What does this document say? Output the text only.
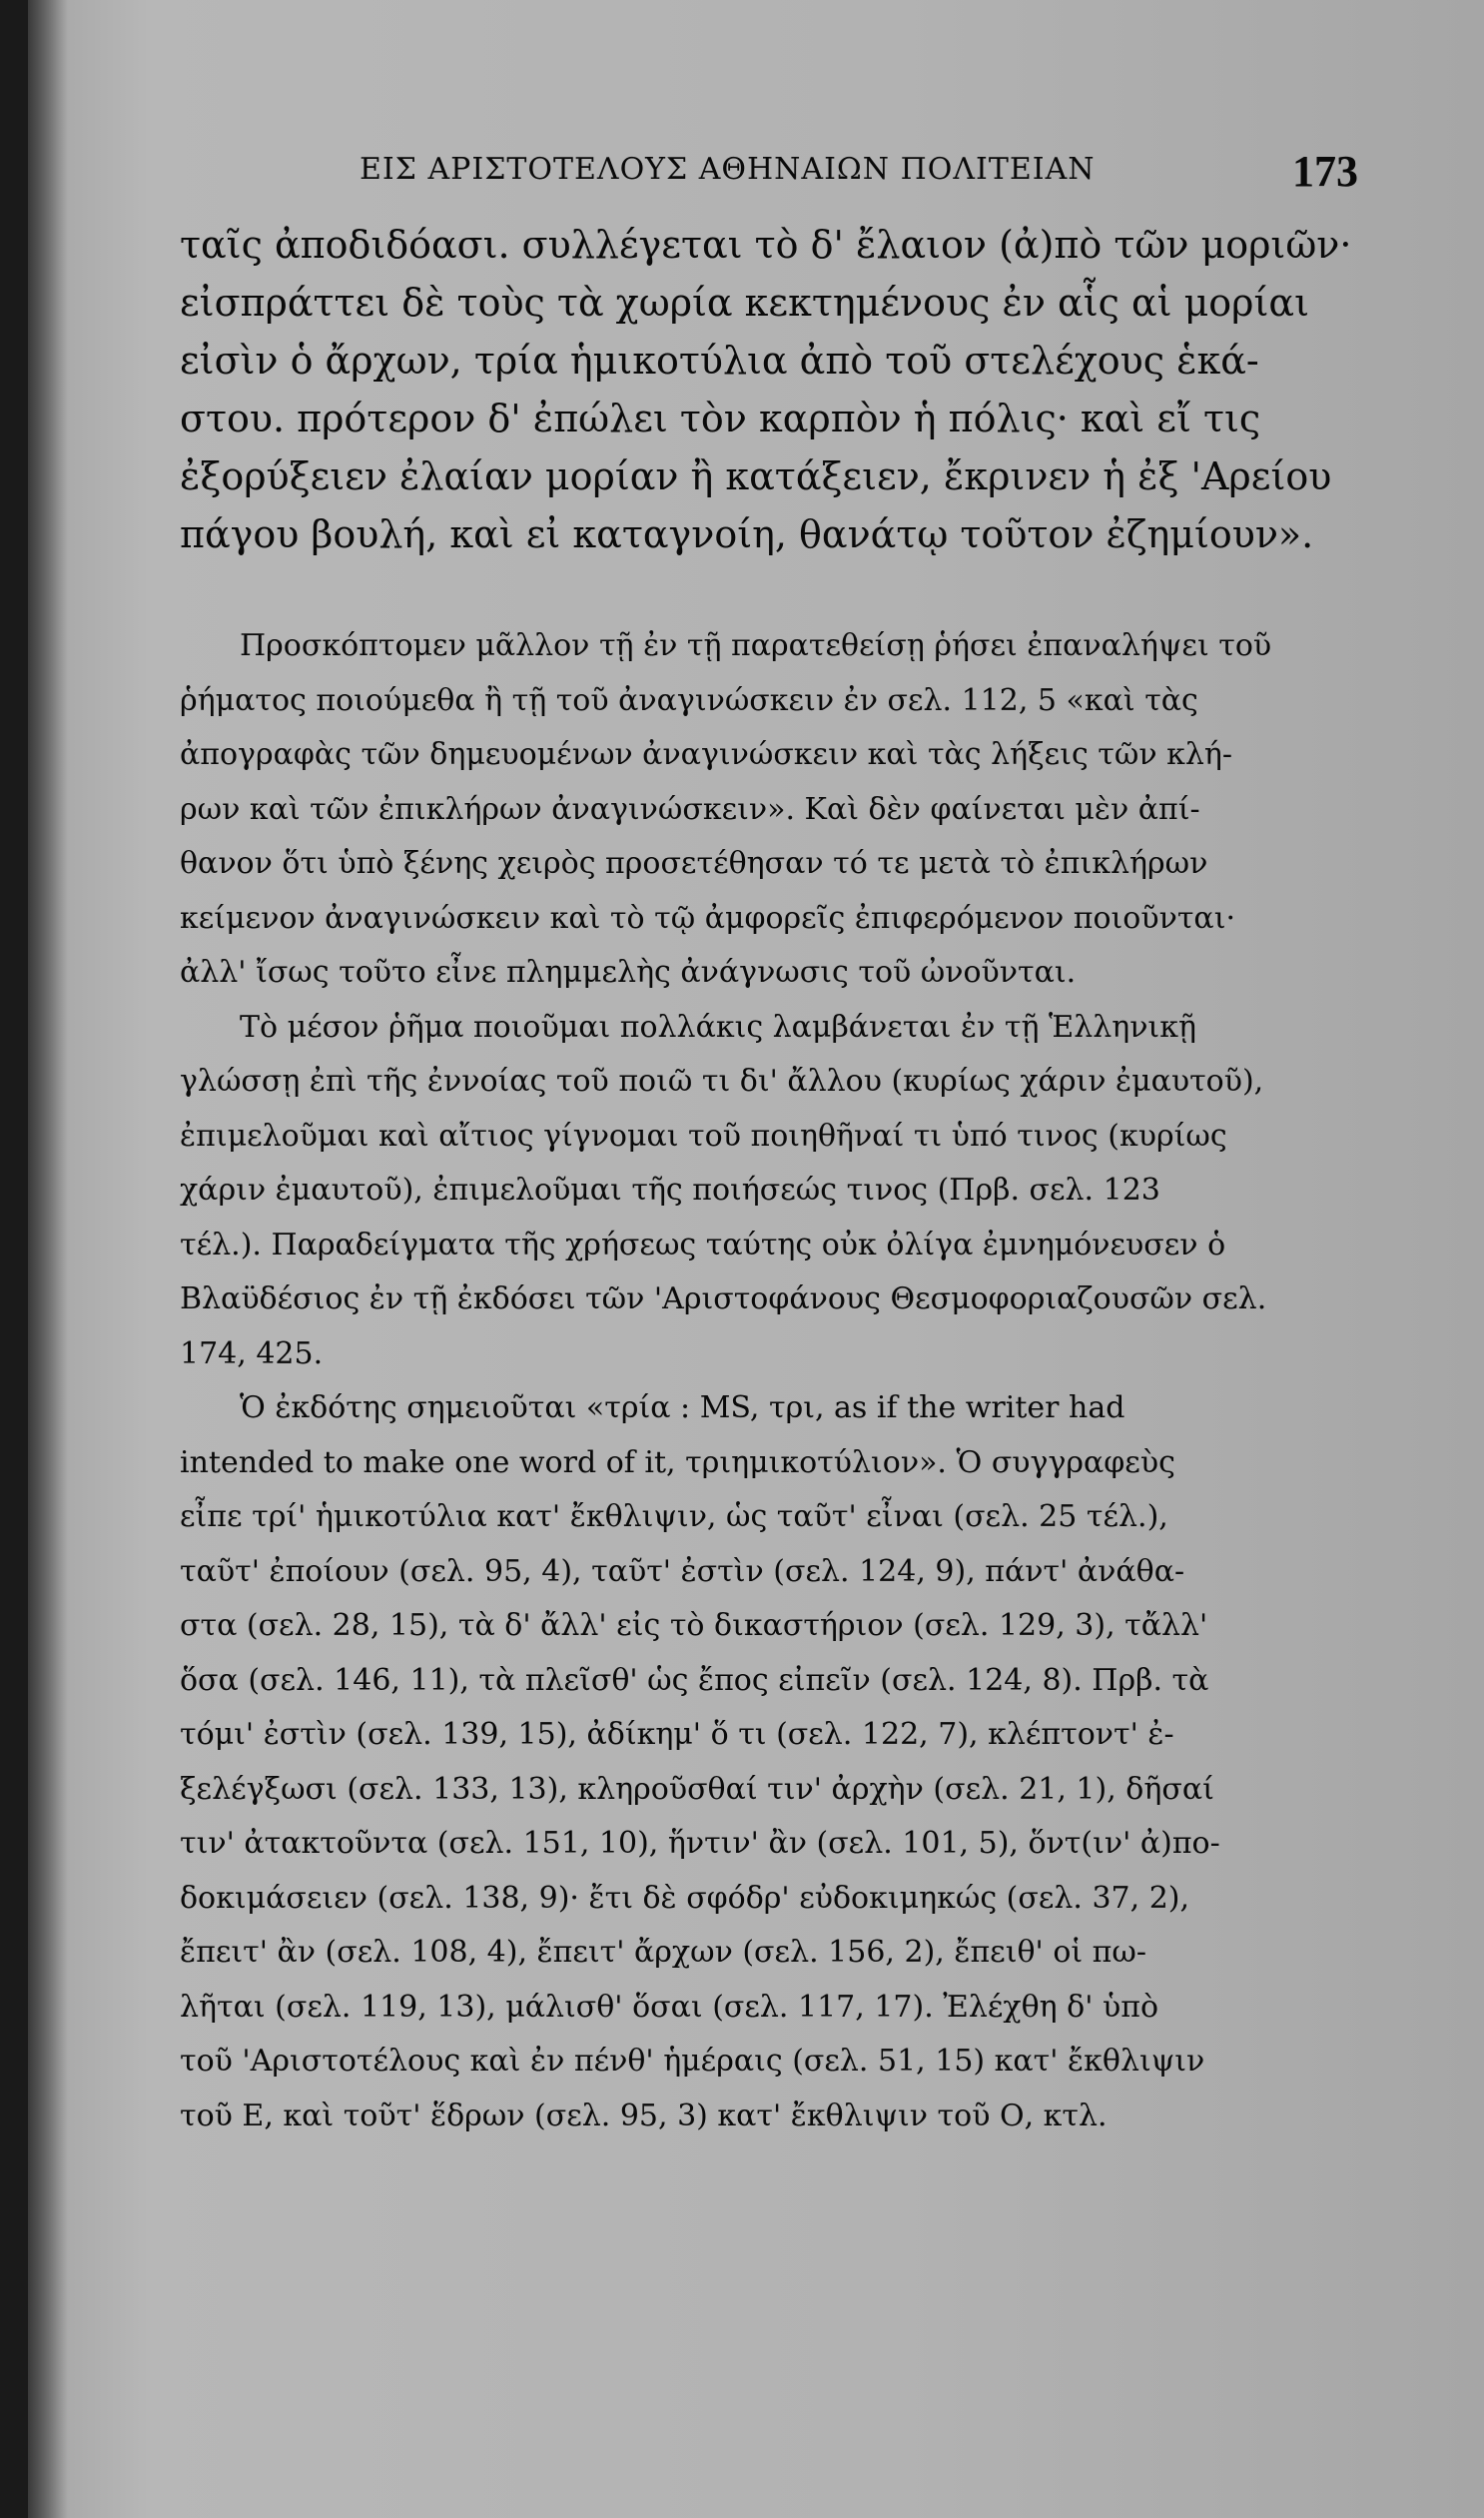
ΕΙΣ ΑΡΙΣΤΟΤΕΛΟΥΣ ΑΘΗΝΑΙΩΝ ΠΟΛΙΤΕΙΑΝ	173
ταῖς ἀποδιδόασι. συλλέγεται τὸ δ' ἔλαιον (ἀ)πὸ τῶν μοριῶν·
εἰσπράττει δὲ τοὺς τὰ χωρία κεκτημένους ἐν αἷς αἱ μορίαι
εἰσὶν ὁ ἄρχων, τρία ἡμικοτύλια ἀπὸ τοῦ στελέχους ἑκά-
στου. πρότερον δ' ἐπώλει τὸν καρπὸν ἡ πόλις· καὶ εἴ τις
ἐξορύξειεν ἐλαίαν μορίαν ἢ κατάξειεν, ἔκρινεν ἡ ἐξ 'Αρείου
πάγου βουλή, καὶ εἰ καταγνοίη, θανάτῳ τοῦτον ἐζημίουν».
Προσκόπτομεν μᾶλλον τῇ ἐν τῇ παρατεθείσῃ ῥήσει ἐπαναλήψει τοῦ
ῥήματος ποιούμεθα ἢ τῇ τοῦ ἀναγινώσκειν ἐν σελ. 112, 5 «καὶ τὰς
ἀπογραφὰς τῶν δημευομένων ἀναγινώσκειν καὶ τὰς λήξεις τῶν κλή-
ρων καὶ τῶν ἐπικλήρων ἀναγινώσκειν». Καὶ δὲν φαίνεται μὲν ἀπί-
θανον ὅτι ὑπὸ ξένης χειρὸς προσετέθησαν τό τε μετὰ τὸ ἐπικλήρων
κείμενον ἀναγινώσκειν καὶ τὸ τῷ ἀμφορεῖς ἐπιφερόμενον ποιοῦνται·
ἀλλ' ἴσως τοῦτο εἶνε πλημμελὴς ἀνάγνωσις τοῦ ὠνοῦνται.
Τὸ μέσον ῥῆμα ποιοῦμαι πολλάκις λαμβάνεται ἐν τῇ Ἑλληνικῇ
γλώσσῃ ἐπὶ τῆς ἐννοίας τοῦ ποιῶ τι δι' ἄλλου (κυρίως χάριν ἐμαυτοῦ),
ἐπιμελοῦμαι καὶ αἴτιος γίγνομαι τοῦ ποιηθῆναί τι ὑπό τινος (κυρίως
χάριν ἐμαυτοῦ), ἐπιμελοῦμαι τῆς ποιήσεώς τινος (Πρβ. σελ. 123
τέλ.). Παραδείγματα τῆς χρήσεως ταύτης οὐκ ὀλίγα ἐμνημόνευσεν ὁ
Βλαϋδέσιος ἐν τῇ ἐκδόσει τῶν 'Αριστοφάνους Θεσμοφοριαζουσῶν σελ.
174, 425.
Ὁ ἐκδότης σημειοῦται «τρία : MS, τρι, as if the writer had
intended to make one word of it, τριημικοτύλιον». Ὁ συγγραφεὺς
εἶπε τρί' ἡμικοτύλια κατ' ἔκθλιψιν, ὡς ταῦτ' εἶναι (σελ. 25 τέλ.),
ταῦτ' ἐποίουν (σελ. 95, 4), ταῦτ' ἐστὶν (σελ. 124, 9), πάντ' ἀνάθα-
στα (σελ. 28, 15), τὰ δ' ἄλλ' εἰς τὸ δικαστήριον (σελ. 129, 3), τἄλλ'
ὅσα (σελ. 146, 11), τὰ πλεῖσθ' ὡς ἔπος εἰπεῖν (σελ. 124, 8). Πρβ. τὰ
τόμι' ἐστὶν (σελ. 139, 15), ἀδίκημ' ὅ τι (σελ. 122, 7), κλέπτοντ' ἐ-
ξελέγξωσι (σελ. 133, 13), κληροῦσθαί τιν' ἀρχὴν (σελ. 21, 1), δῆσαί
τιν' ἀτακτοῦντα (σελ. 151, 10), ἥντιν' ἂν (σελ. 101, 5), ὅντ(ιν' ἀ)πο-
δοκιμάσειεν (σελ. 138, 9)· ἔτι δὲ σφόδρ' εὐδοκιμηκώς (σελ. 37, 2),
ἔπειτ' ἂν (σελ. 108, 4), ἔπειτ' ἄρχων (σελ. 156, 2), ἔπειθ' οἱ πω-
λῆται (σελ. 119, 13), μάλισθ' ὅσαι (σελ. 117, 17). Ἐλέχθη δ' ὑπὸ
τοῦ 'Αριστοτέλους καὶ ἐν πένθ' ἡμέραις (σελ. 51, 15) κατ' ἔκθλιψιν
τοῦ Ε, καὶ τοῦτ' ἕδρων (σελ. 95, 3) κατ' ἔκθλιψιν τοῦ Ο, κτλ.
